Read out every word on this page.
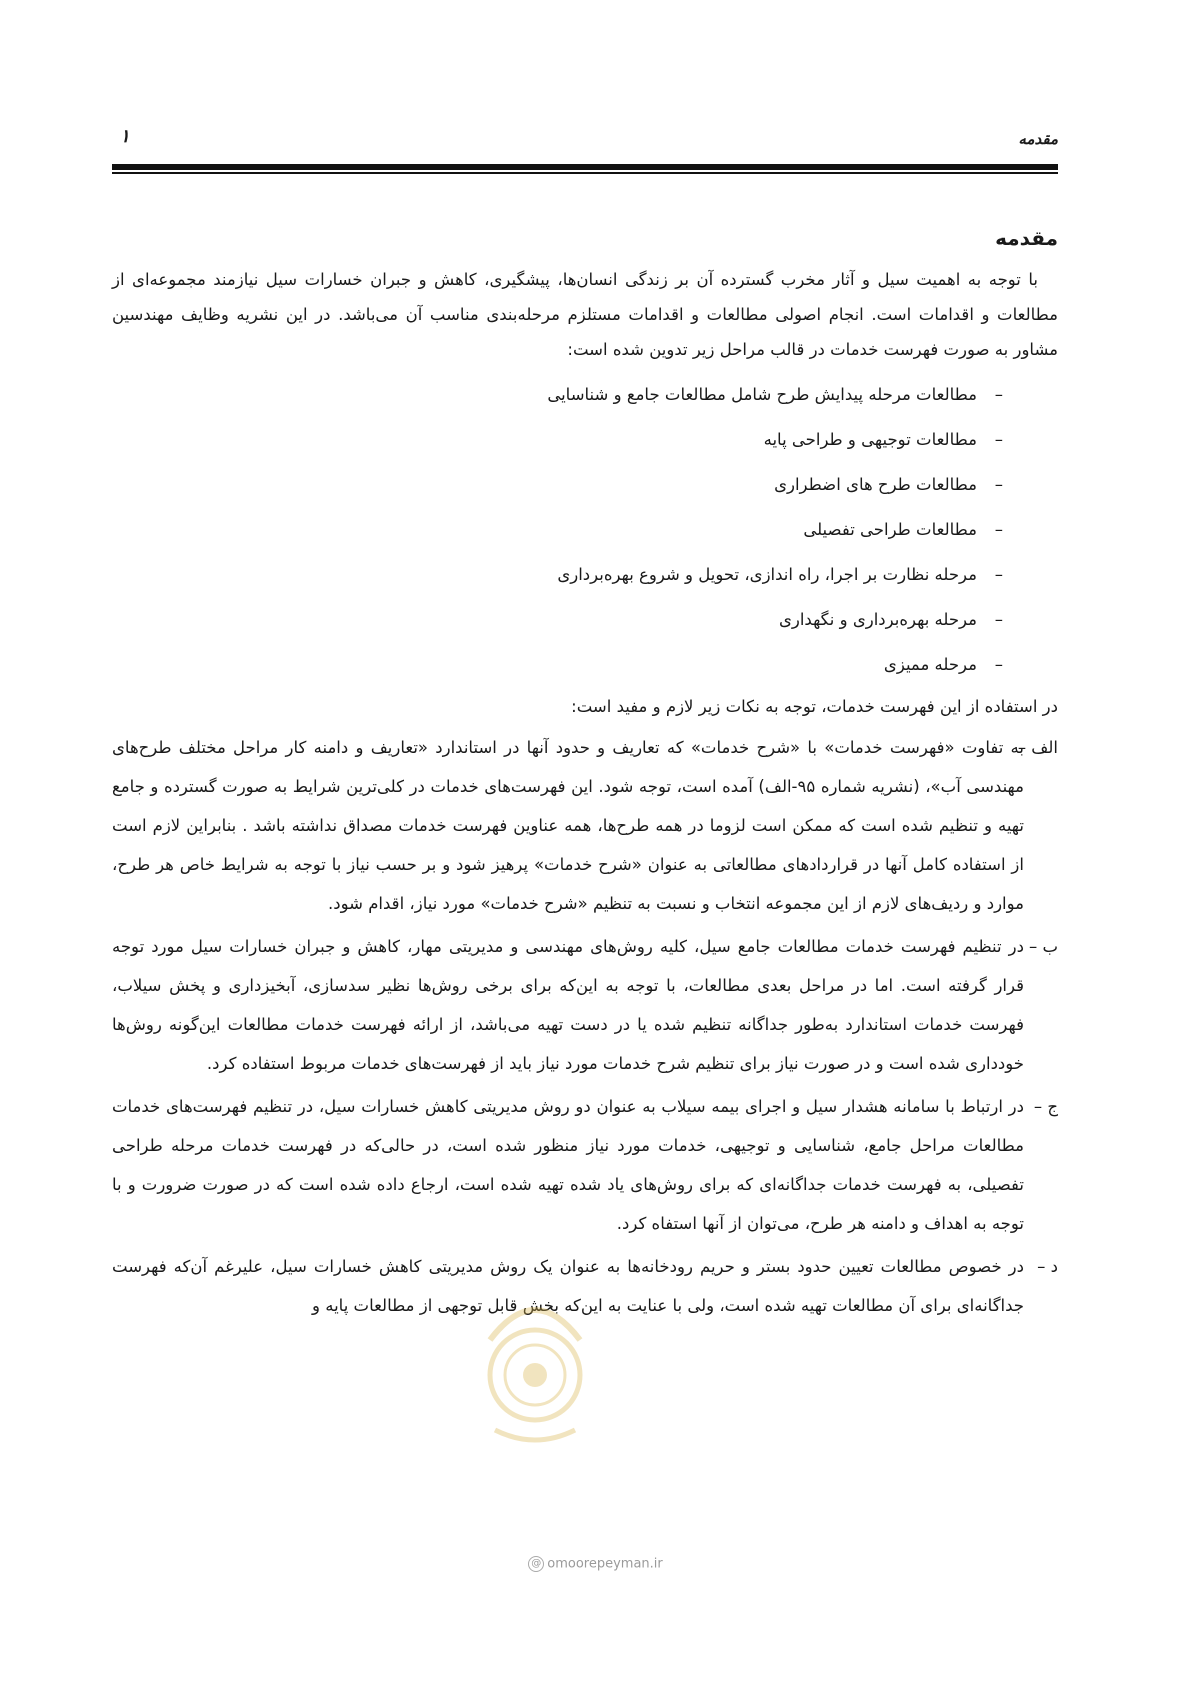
مقدمه
۱
مقدمه

با توجه به اهمیت سیل و آثار مخرب گسترده آن بر زندگی انسان‌ها، پیشگیری، کاهش و جبران خسارات سیل نیازمند مجموعه‌ای از مطالعات و اقدامات است. انجام اصولی مطالعات و اقدامات مستلزم مرحله‌بندی مناسب آن می‌باشد. در این نشریه وظایف مهندسین مشاور به صورت فهرست خدمات در قالب مراحل زیر تدوین شده است:

–مطالعات مرحله پیدایش طرح شامل مطالعات جامع و شناسایی
–مطالعات توجیهی و طراحی پایه
–مطالعات طرح های اضطراری
–مطالعات طراحی تفصیلی
–مرحله نظارت بر اجرا، راه اندازی، تحویل و شروع بهره‌برداری
–مرحله بهره‌برداری و نگهداری
–مرحله ممیزی

در استفاده از این فهرست خدمات، توجه به نکات زیر لازم و مفید است:

الف –
به تفاوت «فهرست خدمات» با «شرح خدمات» که تعاریف و حدود آنها در استاندارد «تعاریف و دامنه کار مراحل مختلف طرح‌های مهندسی آب»، (نشریه شماره ۹۵-الف) آمده است، توجه شود. این فهرست‌های خدمات در کلی‌ترین شرایط به صورت گسترده و جامع تهیه و تنظیم شده است که ممکن است لزوما در همه طرح‌ها، همه عناوین فهرست خدمات مصداق نداشته باشد . بنابراین لازم است از استفاده کامل آنها در قراردادهای مطالعاتی به عنوان «شرح خدمات» پرهیز شود و بر حسب نیاز با توجه به شرایط خاص هر طرح، موارد و ردیف‌های لازم از این مجموعه انتخاب و نسبت به تنظیم «شرح خدمات» مورد نیاز، اقدام شود.
ب –
در تنظیم فهرست خدمات مطالعات جامع سیل، کلیه روش‌های مهندسی و مدیریتی مهار، کاهش و جبران خسارات سیل مورد توجه قرار گرفته است. اما در مراحل بعدی مطالعات، با توجه به این‌که برای برخی روش‌ها نظیر سدسازی، آبخیزداری و پخش سیلاب، فهرست خدمات استاندارد به‌طور جداگانه تنظیم شده یا در دست تهیه می‌باشد، از ارائه فهرست خدمات مطالعات این‌گونه روش‌ها خودداری شده است و در صورت نیاز برای تنظیم شرح خدمات مورد نیاز باید از فهرست‌های خدمات مربوط استفاده کرد.
ج –
در ارتباط با سامانه هشدار سیل و اجرای بیمه سیلاب به عنوان دو روش مدیریتی کاهش خسارات سیل، در تنظیم فهرست‌های خدمات مطالعات مراحل جامع، شناسایی و توجیهی، خدمات مورد نیاز منظور شده است، در حالی‌که در فهرست خدمات مرحله طراحی تفصیلی، به فهرست خدمات جداگانه‌ای که برای روش‌های یاد شده تهیه شده است، ارجاع داده شده است که در صورت ضرورت و با توجه به اهداف و دامنه هر طرح، می‌توان از آنها استفاه کرد.
د –
در خصوص مطالعات تعیین حدود بستر و حریم رودخانه‌ها به عنوان یک روش مدیریتی کاهش خسارات سیل، علیرغم آن‌که فهرست جداگانه‌ای برای آن مطالعات تهیه شده است، ولی با عنایت به این‌که بخش قابل توجهی از مطالعات پایه و
@ omoorepeyman.ir
